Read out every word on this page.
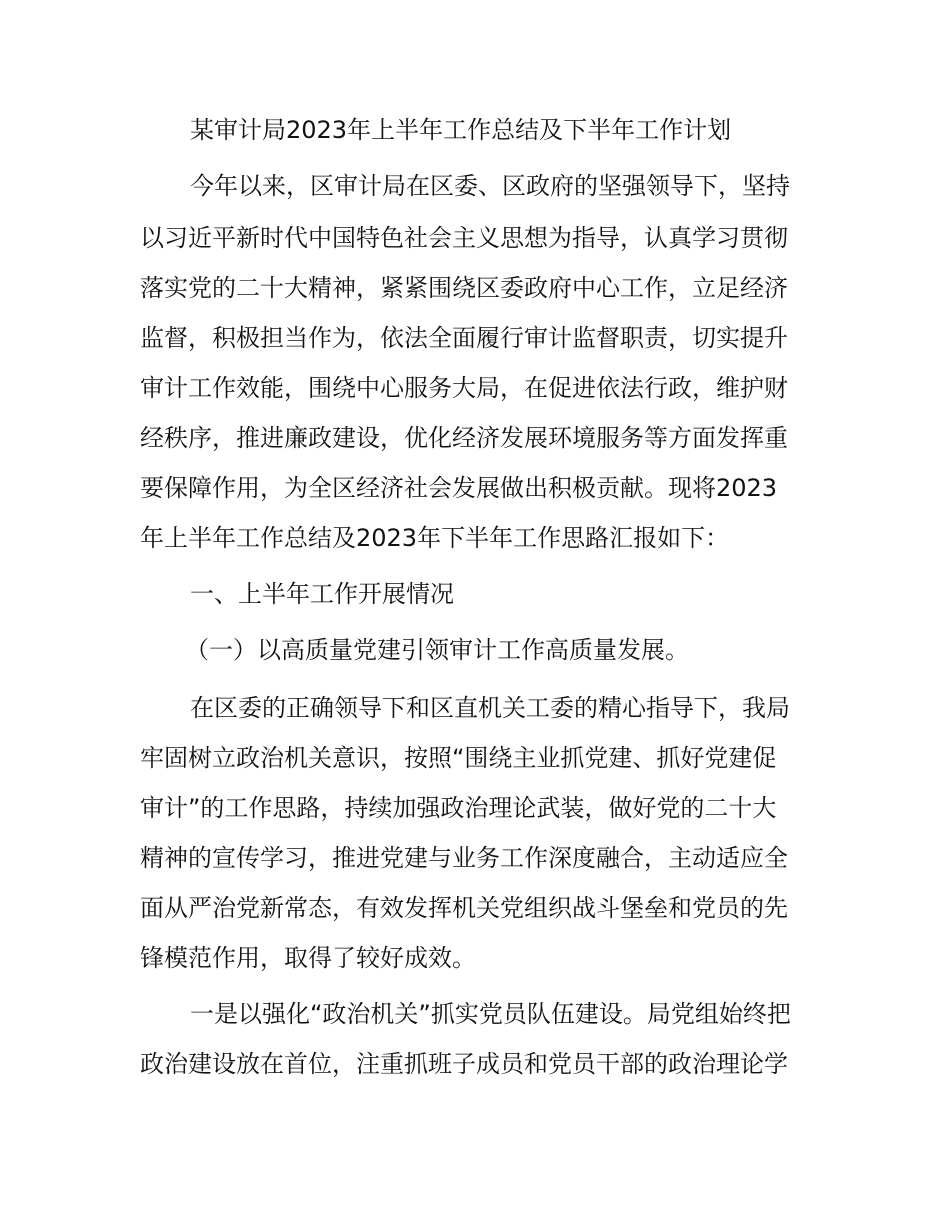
某审计局2023年上半年工作总结及下半年工作计划
今年以来，区审计局在区委、区政府的坚强领导下，坚持
以习近平新时代中国特色社会主义思想为指导，认真学习贯彻
落实党的二十大精神，紧紧围绕区委政府中心工作，立足经济
监督，积极担当作为，依法全面履行审计监督职责，切实提升
审计工作效能，围绕中心服务大局，在促进依法行政，维护财
经秩序，推进廉政建设，优化经济发展环境服务等方面发挥重
要保障作用，为全区经济社会发展做出积极贡献。现将2023
年上半年工作总结及2023年下半年工作思路汇报如下：
一、上半年工作开展情况
（一）以高质量党建引领审计工作高质量发展。
在区委的正确领导下和区直机关工委的精心指导下，我局
牢固树立政治机关意识，按照“围绕主业抓党建、抓好党建促
审计”的工作思路，持续加强政治理论武装，做好党的二十大
精神的宣传学习，推进党建与业务工作深度融合，主动适应全
面从严治党新常态，有效发挥机关党组织战斗堡垒和党员的先
锋模范作用，取得了较好成效。
一是以强化“政治机关”抓实党员队伍建设。局党组始终把
政治建设放在首位，注重抓班子成员和党员干部的政治理论学
